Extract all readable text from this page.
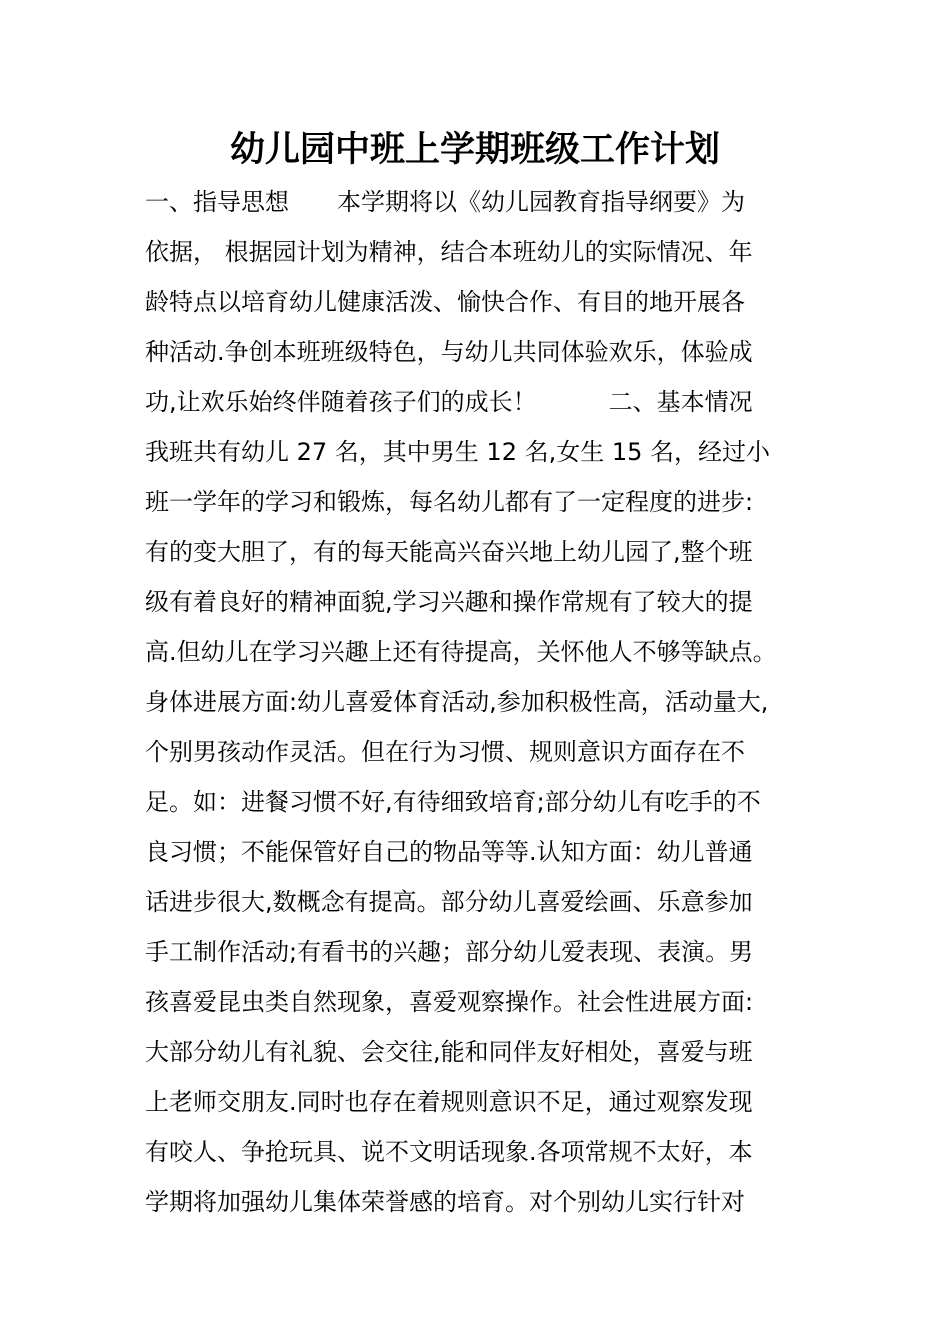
幼儿园中班上学期班级工作计划
一、指导思想　　本学期将以《幼儿园教育指导纲要》为
依据， 根据园计划为精神，结合本班幼儿的实际情况、年
龄特点以培育幼儿健康活泼、愉快合作、有目的地开展各
种活动.争创本班班级特色，与幼儿共同体验欢乐，体验成
功,让欢乐始终伴随着孩子们的成长！　　　二、基本情况
我班共有幼儿 27 名，其中男生 12 名,女生 15 名，经过小
班一学年的学习和锻炼，每名幼儿都有了一定程度的进步:
有的变大胆了，有的每天能高兴奋兴地上幼儿园了,整个班
级有着良好的精神面貌,学习兴趣和操作常规有了较大的提
高.但幼儿在学习兴趣上还有待提高，关怀他人不够等缺点。
身体进展方面:幼儿喜爱体育活动,参加积极性高，活动量大,
个别男孩动作灵活。但在行为习惯、规则意识方面存在不
足。如：进餐习惯不好,有待细致培育;部分幼儿有吃手的不
良习惯；不能保管好自己的物品等等.认知方面：幼儿普通
话进步很大,数概念有提高。部分幼儿喜爱绘画、乐意参加
手工制作活动;有看书的兴趣；部分幼儿爱表现、表演。男
孩喜爱昆虫类自然现象，喜爱观察操作。社会性进展方面:
大部分幼儿有礼貌、会交往,能和同伴友好相处，喜爱与班
上老师交朋友.同时也存在着规则意识不足，通过观察发现
有咬人、争抢玩具、说不文明话现象.各项常规不太好，本
学期将加强幼儿集体荣誉感的培育。对个别幼儿实行针对
